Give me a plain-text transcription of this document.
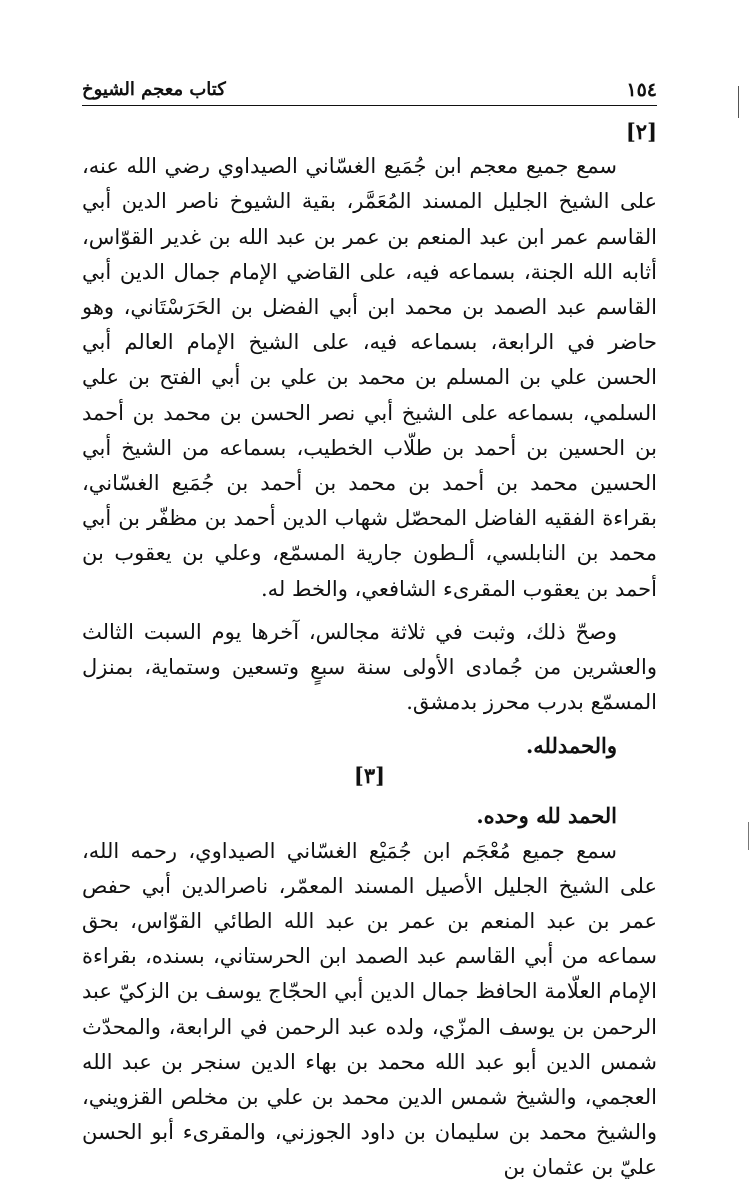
١٥٤
كتاب معجم الشيوخ

[٢]

سمع جميع معجم ابن جُمَيع الغسّاني الصيداوي رضي الله عنه، على الشيخ الجليل المسند المُعَمَّر، بقية الشيوخ ناصر الدين أبي القاسم عمر ابن عبد المنعم بن عمر بن عبد الله بن غدير القوّاس، أثابه الله الجنة، بسماعه فيه، على القاضي الإمام جمال الدين أبي القاسم عبد الصمد بن محمد ابن أبي الفضل بن الحَرَسْتَاني، وهو حاضر في الرابعة، بسماعه فيه، على الشيخ الإمام العالم أبي الحسن علي بن المسلم بن محمد بن علي بن أبي الفتح بن علي السلمي، بسماعه على الشيخ أبي نصر الحسن بن محمد بن أحمد بن الحسين بن أحمد بن طلّاب الخطيب، بسماعه من الشيخ أبي الحسين محمد بن أحمد بن محمد بن أحمد بن جُمَيع الغسّاني، بقراءة الفقيه الفاضل المحصّل شهاب الدين أحمد بن مظفّر بن أبي محمد بن النابلسي، ألـطون جارية المسمّع، وعلي بن يعقوب بن أحمد بن يعقوب المقرىء الشافعي، والخط له.

وصحّ ذلك، وثبت في ثلاثة مجالس، آخرها يوم السبت الثالث والعشرين من جُمادى الأولى سنة سبعٍ وتسعين وستماية، بمنزل المسمّع بدرب محرز بدمشق.

والحمدلله.
[٣]

الحمد لله وحده.

سمع جميع مُعْجَم ابن جُمَيْع الغسّاني الصيداوي، رحمه الله، على الشيخ الجليل الأصيل المسند المعمّر، ناصرالدين أبي حفص عمر بن عبد المنعم بن عمر بن عبد الله الطائي القوّاس، بحق سماعه من أبي القاسم عبد الصمد ابن الحرستاني، بسنده، بقراءة الإمام العلّامة الحافظ جمال الدين أبي الحجّاج يوسف بن الزكيّ عبد الرحمن بن يوسف المزّي، ولده عبد الرحمن في الرابعة، والمحدّث شمس الدين أبو عبد الله محمد بن بهاء الدين سنجر بن عبد الله العجمي، والشيخ شمس الدين محمد بن علي بن مخلص القزويني، والشيخ محمد بن سليمان بن داود الجوزني، والمقرىء أبو الحسن عليّ بن عثمان بن
